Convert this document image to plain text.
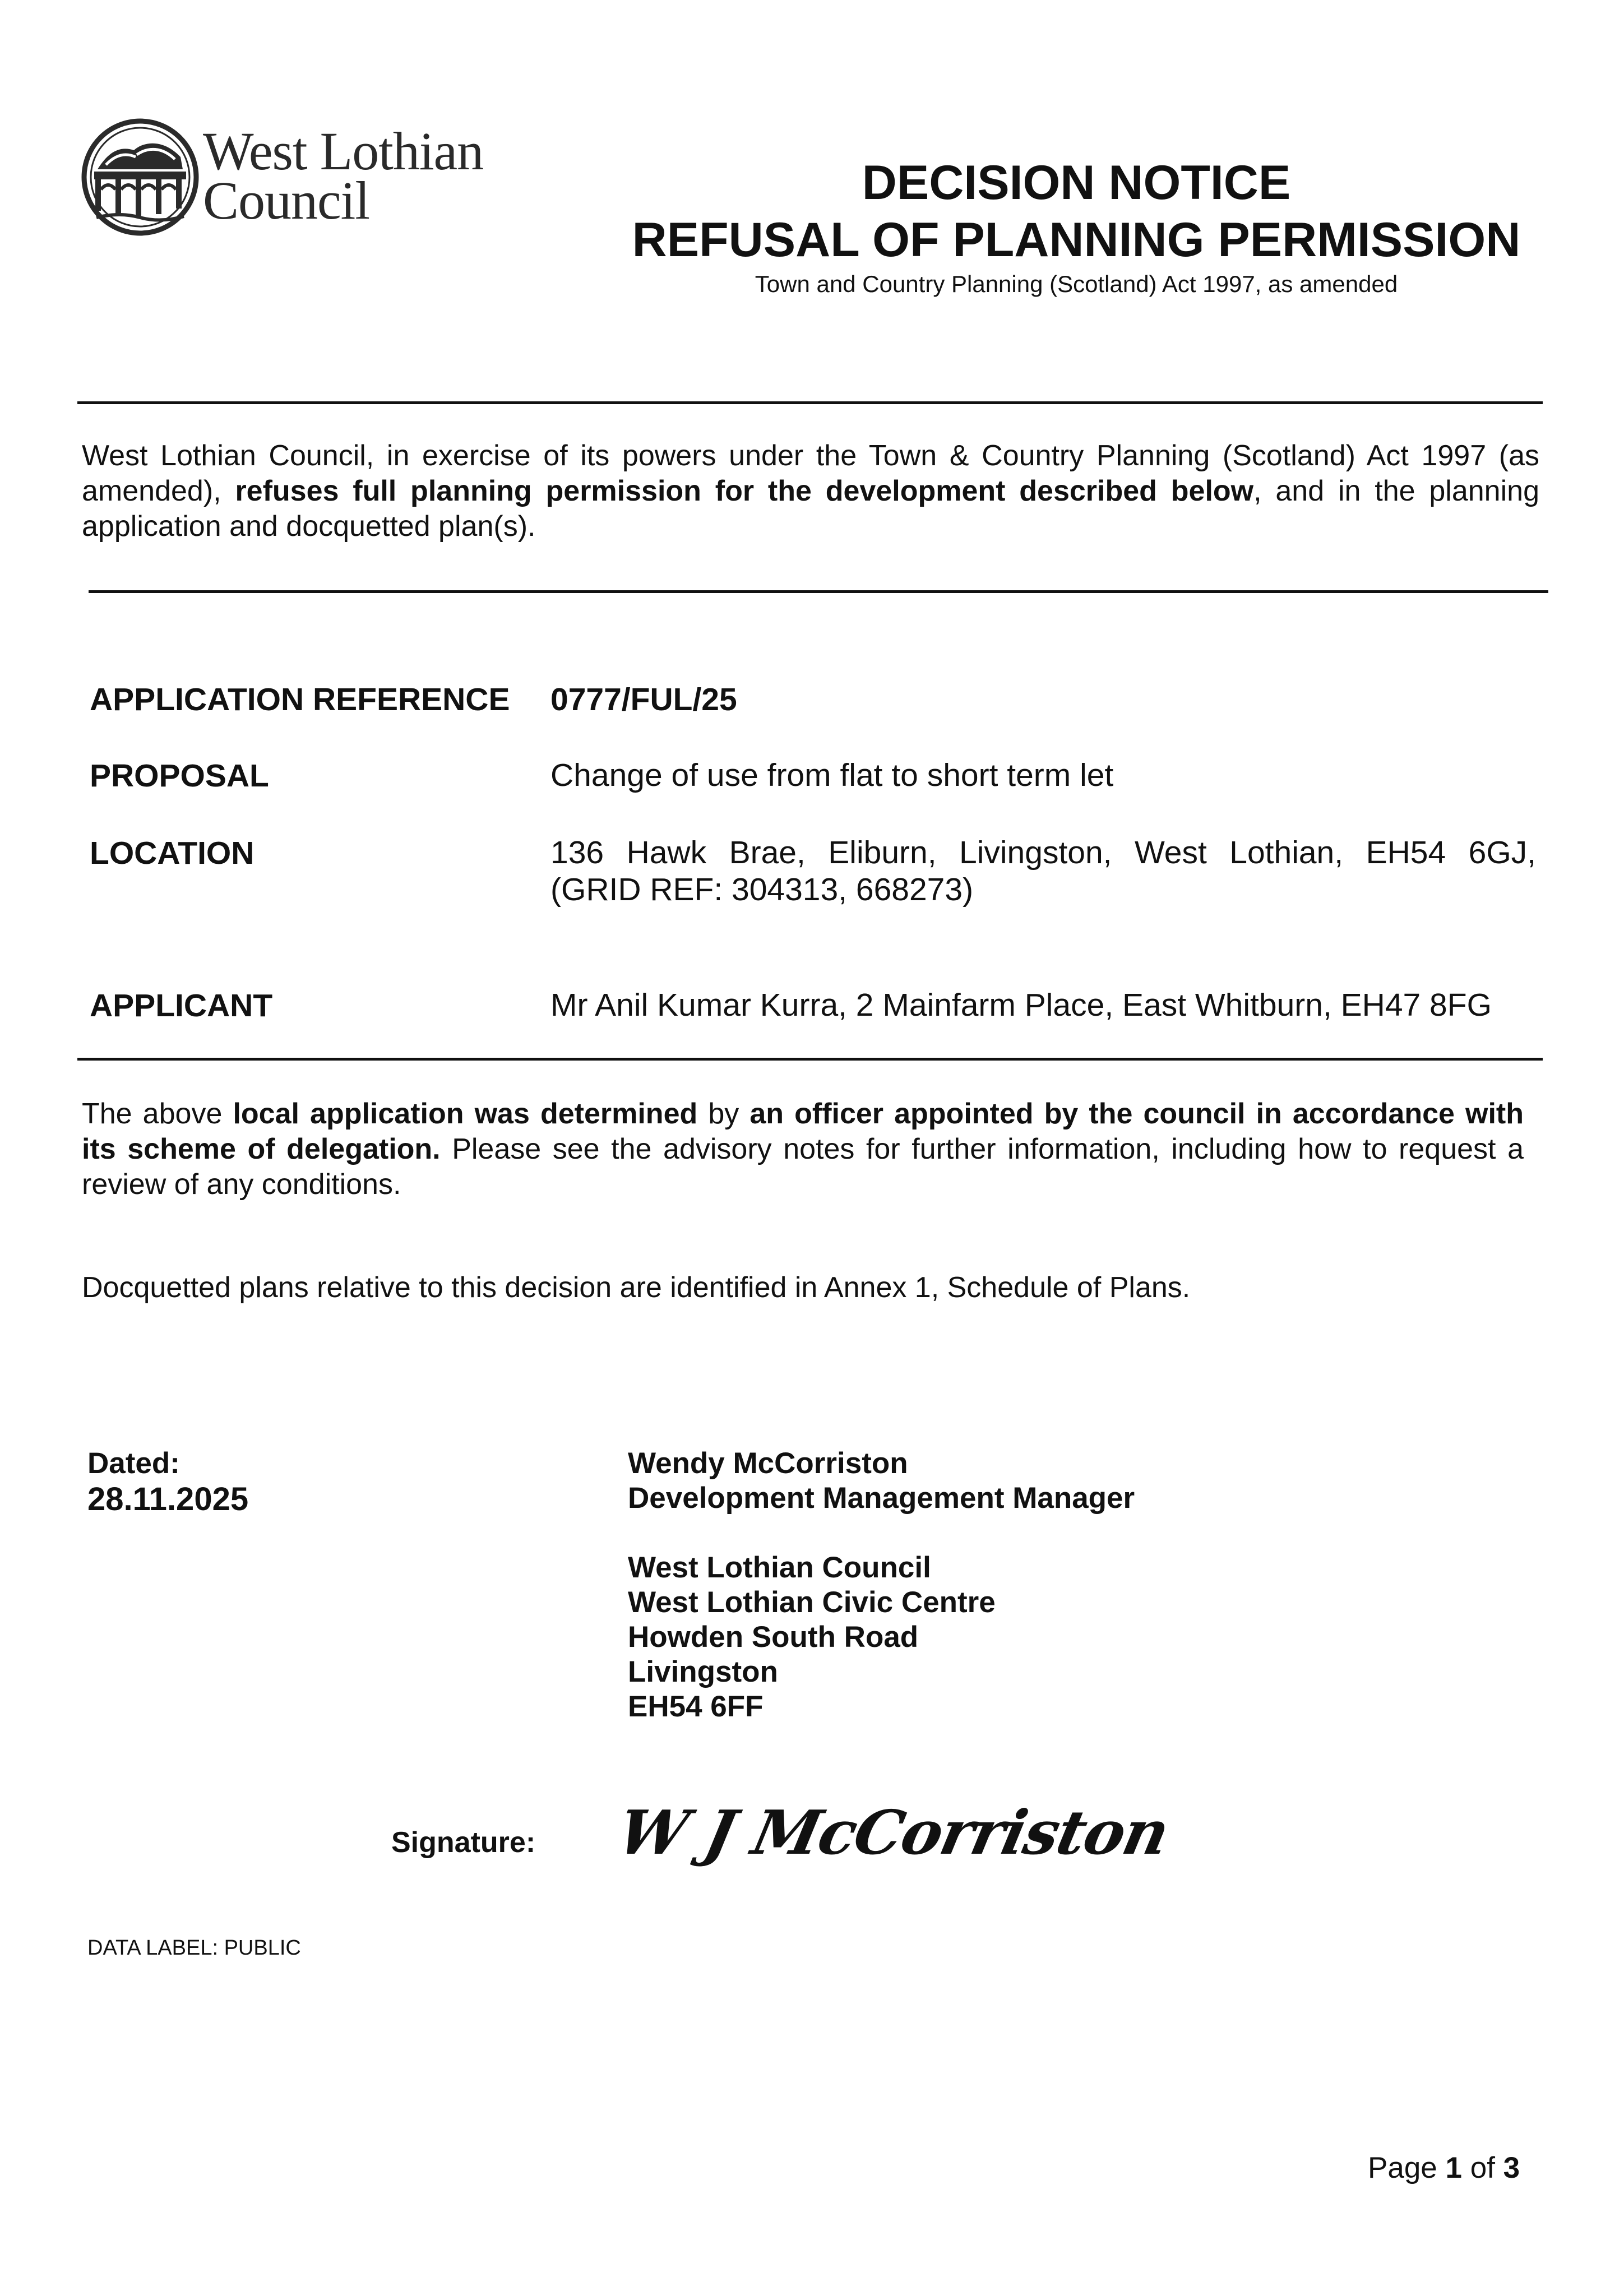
West Lothian
Council	DECISION NOTICE
REFUSAL OF PLANNING PERMISSION
Town and Country Planning (Scotland) Act 1997, as amended
West Lothian Council, in exercise of its powers under the Town & Country Planning (Scotland) Act 1997 (as amended), refuses full planning permission for the development described below, and in the planning application and docquetted plan(s).
APPLICATION REFERENCE 0777/FUL/25
PROPOSAL	Change of use from flat to short term let
LOCATION	136 Hawk Brae, Eliburn, Livingston, West Lothian, EH54 6GJ,
(GRID REF: 304313, 668273)
APPLICANT	Mr Anil Kumar Kurra, 2 Mainfarm Place, East Whitburn, EH47 8FG
The above local application was determined by an officer appointed by the council in accordance with its scheme of delegation. Please see the advisory notes for further information, including how to request a review of any conditions.
Docquetted plans relative to this decision are identified in Annex 1, Schedule of Plans.
Dated:
28.11.2025
Wendy McCorriston
Development Management Manager
West Lothian Council
West Lothian Civic Centre
Howden South Road
Livingston
EH54 6FF
Signature: W J McCorriston
DATA LABEL: PUBLIC
Page 1 of 3
